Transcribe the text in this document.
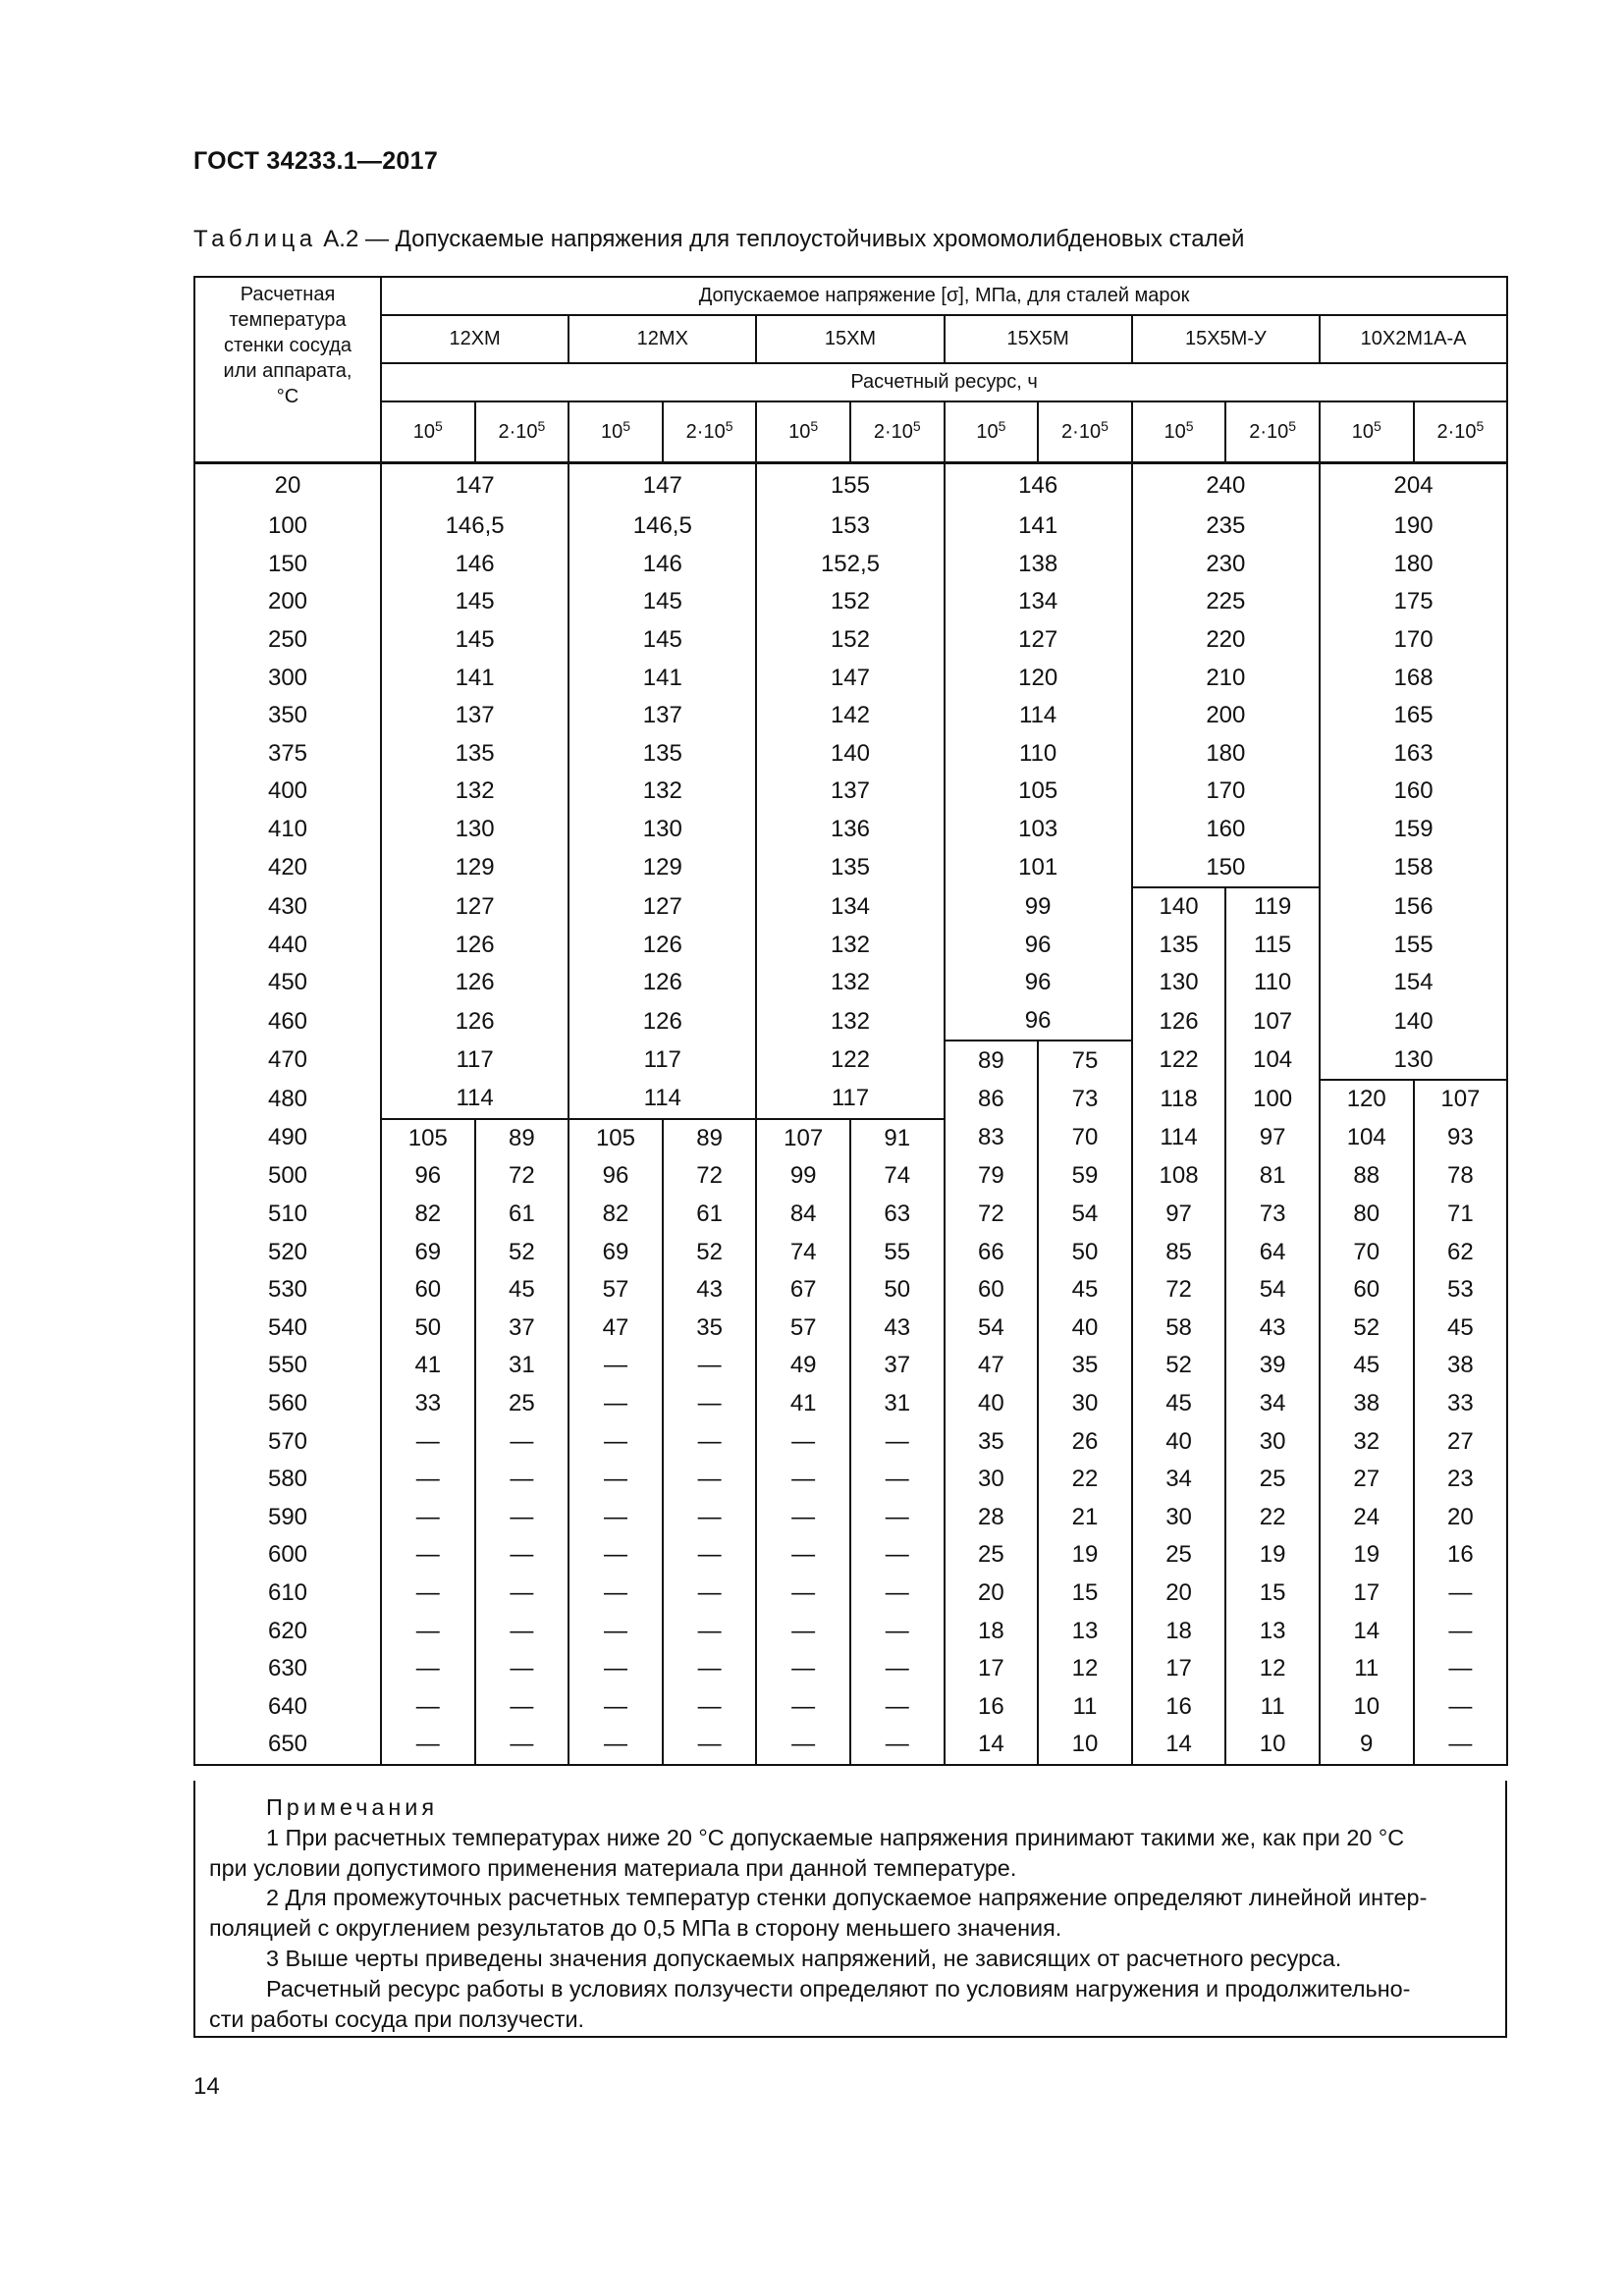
ГОСТ 34233.1—2017
Таблица А.2 — Допускаемые напряжения для теплоустойчивых хромомолибденовых сталей
Расчетная
температура
стенки сосуда
или аппарата,
°С	Допускаемое напряжение [σ], МПа, для сталей марок											
	12ХМ		12МХ		15ХМ		15Х5М		15Х5М-У		10Х2М1А-А	
	Расчетный ресурс, ч											
	$10^5$	$2\cdot 10^5$	$10^5$	$2\cdot 10^5$	$10^5$	$2\cdot 10^5$	$10^5$	$2\cdot 10^5$	$10^5$	$2\cdot 10^5$	$10^5$	$2\cdot 10^5$
20	147		147		155		146		240		204	
100	146,5		146,5		153		141		235		190	
150	146		146		152,5		138		230		180	
200	145		145		152		134		225		175	
250	145		145		152		127		220		170	
300	141		141		147		120		210		168	
350	137		137		142		114		200		165	
375	135		135		140		110		180		163	
400	132		132		137		105		170		160	
410	130		130		136		103		160		159	
420	129		129		135		101		150		158	
430	127		127		134		99		140	119	156	
440	126		126		132		96		135	115	155	
450	126		126		132		96		130	110	154	
460	126		126		132		96		126	107	140	
470	117		117		122		89	75	122	104	130	
480	114		114		117		86	73	118	100	120	107
490	105	89	105	89	107	91	83	70	114	97	104	93
500	96	72	96	72	99	74	79	59	108	81	88	78
510	82	61	82	61	84	63	72	54	97	73	80	71
520	69	52	69	52	74	55	66	50	85	64	70	62
530	60	45	57	43	67	50	60	45	72	54	60	53
540	50	37	47	35	57	43	54	40	58	43	52	45
550	41	31	—	—	49	37	47	35	52	39	45	38
560	33	25	—	—	41	31	40	30	45	34	38	33
570	—	—	—	—	—	—	35	26	40	30	32	27
580	—	—	—	—	—	—	30	22	34	25	27	23
590	—	—	—	—	—	—	28	21	30	22	24	20
600	—	—	—	—	—	—	25	19	25	19	19	16
610	—	—	—	—	—	—	20	15	20	15	17	—
620	—	—	—	—	—	—	18	13	18	13	14	—
630	—	—	—	—	—	—	17	12	17	12	11	—
640	—	—	—	—	—	—	16	11	16	11	10	—
650	—	—	—	—	—	—	14	10	14	10	9	—

Примечания

1 При расчетных температурах ниже 20 °С допускаемые напряжения принимают такими же, как при 20 °С

при условии допустимого применения материала при данной температуре.

2 Для промежуточных расчетных температур стенки допускаемое напряжение определяют линейной интер-

поляцией с округлением результатов до 0,5 МПа в сторону меньшего значения.

3 Выше черты приведены значения допускаемых напряжений, не зависящих от расчетного ресурса.

Расчетный ресурс работы в условиях ползучести определяют по условиям нагружения и продолжительно-

сти работы сосуда при ползучести.

14
